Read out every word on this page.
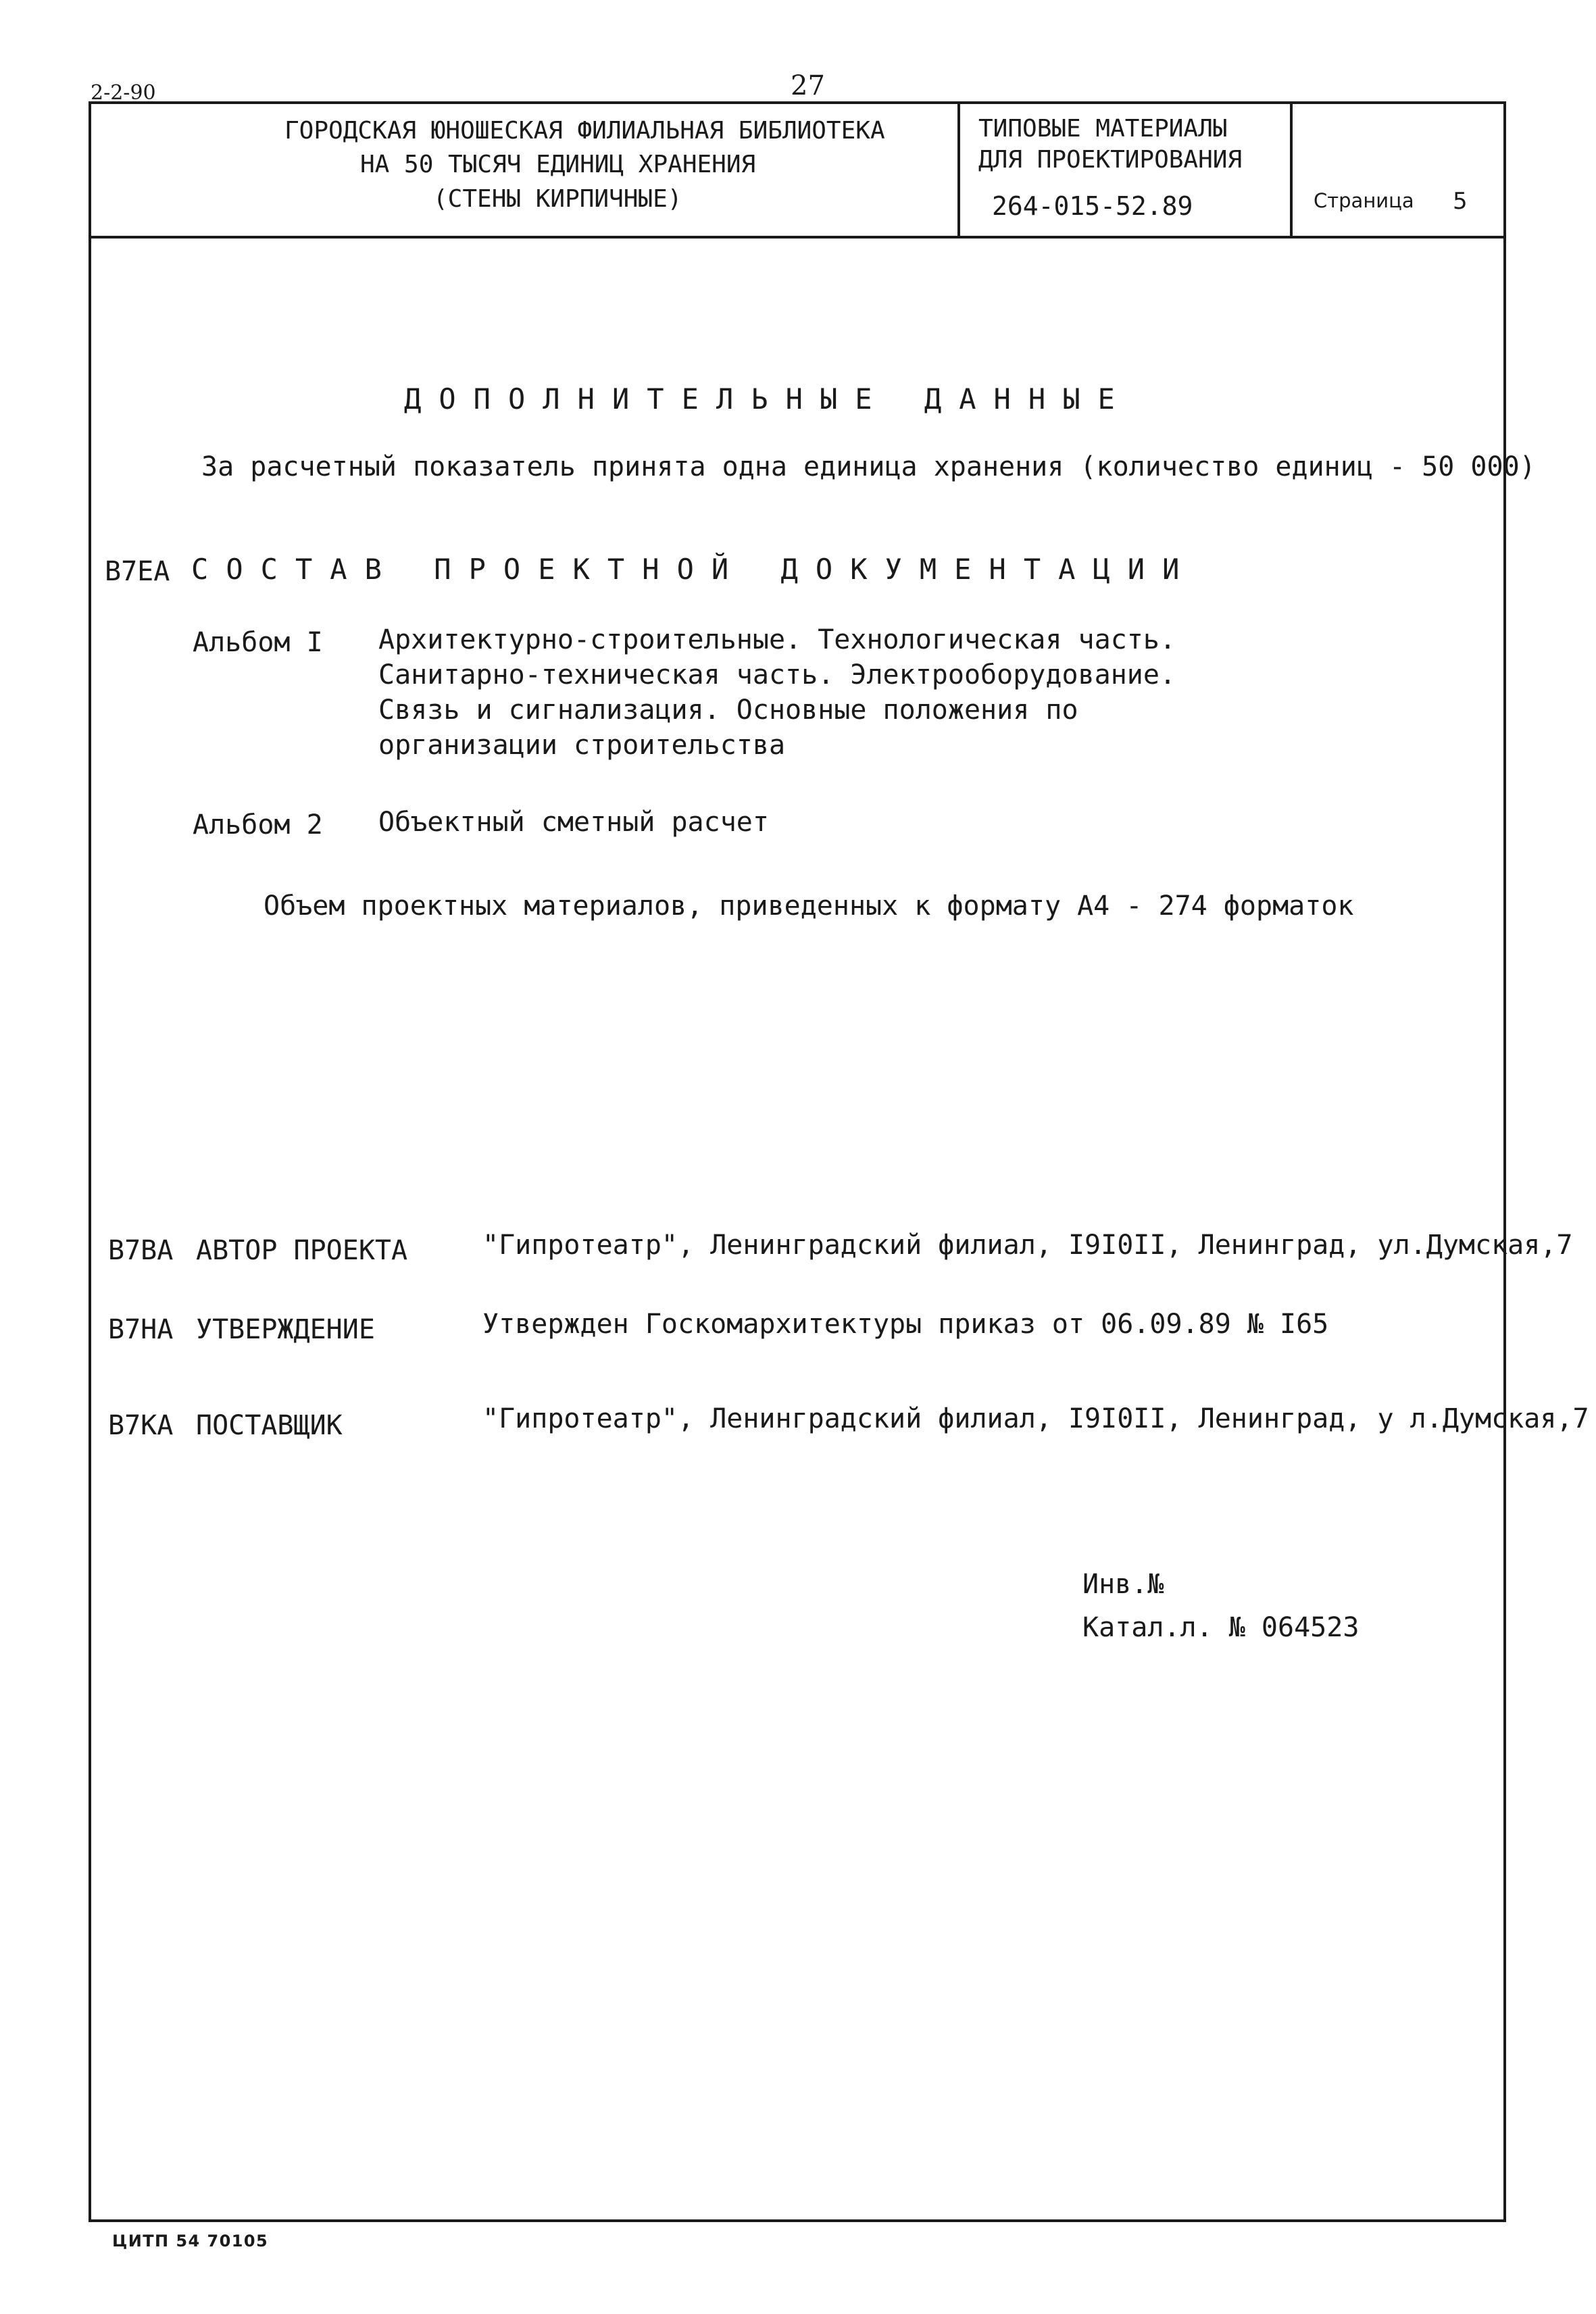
2-2-90	27
ГОРОДСКАЯ ЮНОШЕСКАЯ ФИЛИАЛЬНАЯ БИБЛИОТЕКА
НА 50 ТЫСЯЧ ЕДИНИЦ ХРАНЕНИЯ
(СТЕНЫ КИРПИЧНЫЕ)
ТИПОВЫЕ МАТЕРИАЛЫ
ДЛЯ ПРОЕКТИРОВАНИЯ
264-015-52.89	Страница 5
ДОПОЛНИТЕЛЬНЫЕ ДАННЫЕ
За расчетный показатель принята одна единица хранения (количество единиц - 50 000)
В7ЕА СОСТАВ ПРОЕКТНОЙ ДОКУМЕНТАЦИИ
Альбом I Архитектурно-строительные. Технологическая часть.
Санитарно-техническая часть. Электрооборудование.
Связь и сигнализация. Основные положения по
организации строительства
Альбом 2 Объектный сметный расчет
Объем проектных материалов, приведенных к формату А4 - 274 форматок
В7ВА АВТОР ПРОЕКТА	"Гипротеатр", Ленинградский филиал, I9I0II, Ленинград, ул.Думская,7
В7НА УТВЕРЖДЕНИЕ	Утвержден Госкомархитектуры приказ от 06.09.89 № I65
В7КА ПОСТАВЩИК	"Гипротеатр", Ленинградский филиал, I9I0II, Ленинград, у л.Думская,7
Инв.№
Катал.л. № 064523
ЦИТП 54 70105
